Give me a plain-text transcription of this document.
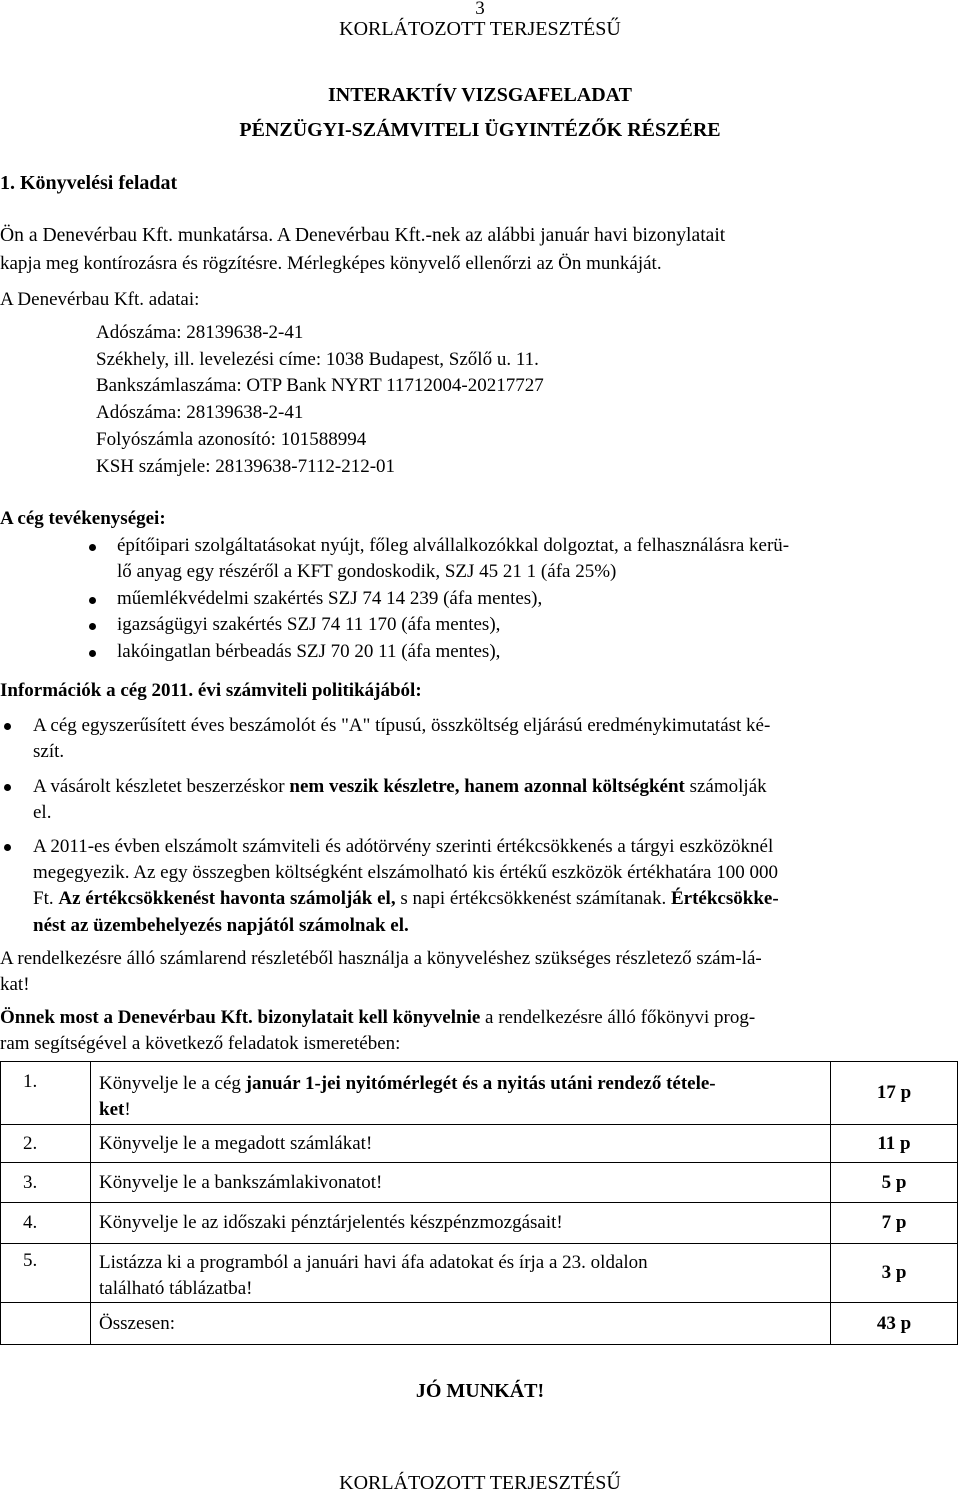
3
KORLÁTOZOTT TERJESZTÉSŰ
INTERAKTÍV VIZSGAFELADAT
PÉNZÜGYI-SZÁMVITELI ÜGYINTÉZŐK RÉSZÉRE
1. Könyvelési feladat
Ön a Denevérbau Kft. munkatársa. A Denevérbau Kft.-nek az alábbi január havi bizonylatait
kapja meg kontírozásra és rögzítésre. Mérlegképes könyvelő ellenőrzi az Ön munkáját.
A Denevérbau Kft. adatai:
Adószáma: 28139638-2-41
Székhely, ill. levelezési címe: 1038 Budapest, Szőlő u. 11.
Bankszámlaszáma: OTP Bank NYRT 11712004-20217727
Adószáma: 28139638-2-41
Folyószámla azonosító: 101588994
KSH számjele: 28139638-7112-212-01
A cég tevékenységei:
építőipari szolgáltatásokat nyújt, főleg alvállalkozókkal dolgoztat, a felhasználásra kerü-
lő anyag egy részéről a KFT gondoskodik, SZJ 45 21 1 (áfa 25%)
műemlékvédelmi szakértés SZJ 74 14 239 (áfa mentes),
igazságügyi szakértés SZJ 74 11 170 (áfa mentes),
lakóingatlan bérbeadás SZJ 70 20 11 (áfa mentes),
Információk a cég 2011. évi számviteli politikájából:
A cég egyszerűsített éves beszámolót és "A" típusú, összköltség eljárású eredménykimutatást ké-
szít.
A vásárolt készletet beszerzéskor nem veszik készletre, hanem azonnal költségként számolják
el.
A 2011-es évben elszámolt számviteli és adótörvény szerinti értékcsökkenés a tárgyi eszközöknél
megegyezik. Az egy összegben költségként elszámolható kis értékű eszközök értékhatára 100 000
Ft. Az értékcsökkenést havonta számolják el, s napi értékcsökkenést számítanak. Értékcsökke-
nést az üzembehelyezés napjától számolnak el.
A rendelkezésre álló számlarend részletéből használja a könyveléshez szükséges részletező szám-lá-
kat!
Önnek most a Denevérbau Kft. bizonylatait kell könyvelnie a rendelkezésre álló főkönyvi prog-
ram segítségével a következő feladatok ismeretében:
1.	Könyvelje le a cég január 1-jei nyitómérlegét és a nyitás utáni rendező tétele-
ket!	17 p
2.	Könyvelje le a megadott számlákat!	11 p
3.	Könyvelje le a bankszámlakivonatot!	5 p
4.	Könyvelje le az időszaki pénztárjelentés készpénzmozgásait!	7 p
5.	Listázza ki a programból a januári havi áfa adatokat és írja a 23. oldalon
található táblázatba!	3 p
	Összesen:	43 p
JÓ MUNKÁT!
KORLÁTOZOTT TERJESZTÉSŰ
